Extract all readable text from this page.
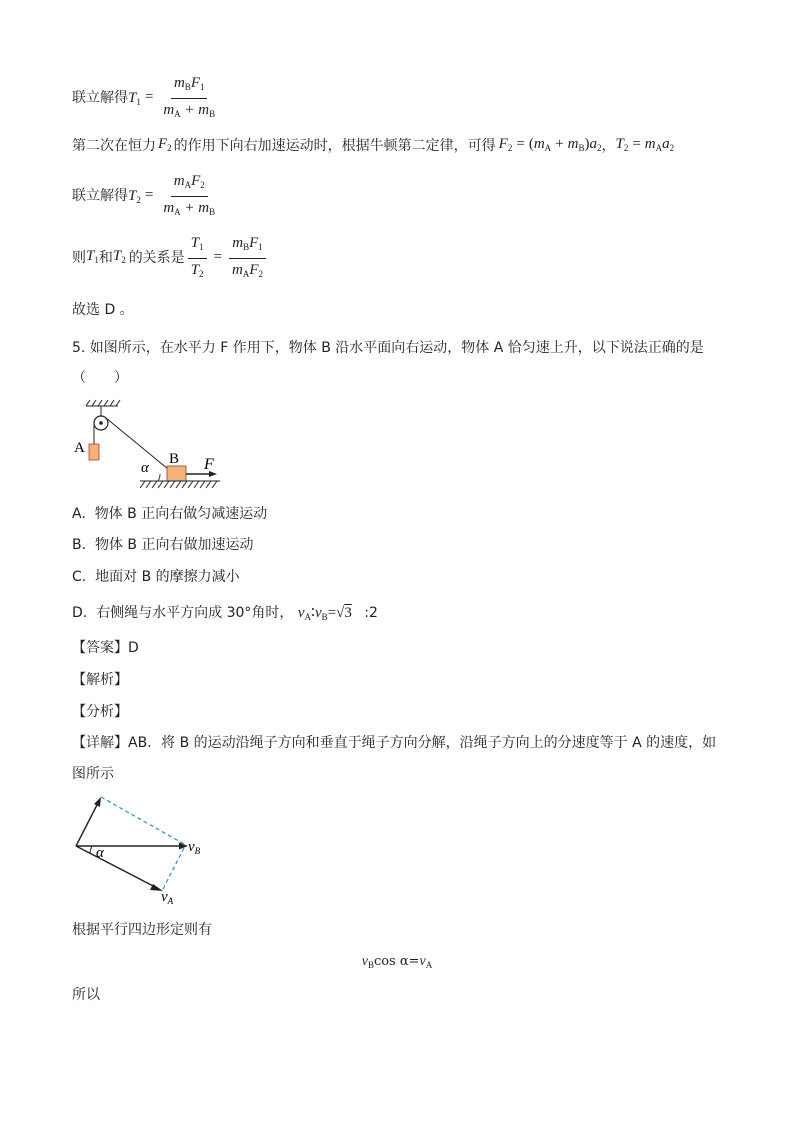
联立解得 $T_1 = \frac{m_BF_1}{m_A + m_B}$
第二次在恒力 $F_2$ 的作用下向右加速运动时，根据牛顿第二定律，可得 $F_2 = (m_A + m_B)a_2$ ， $T_2 = m_Aa_2$
联立解得 $T_2 = \frac{m_AF_2}{m_A + m_B}$
则 $T_1$ 和 $T_2$ 的关系是 $\frac{T_1}{T_2} = \frac{m_BF_1}{m_AF_2}$
故选 D 。
5. 如图所示，在水平力 F 作用下，物体 B 沿水平面向右运动，物体 A 恰匀速上升，以下说法正确的是
（　　）
A
B F
α
A. 物体 B 正向右做匀减速运动
B. 物体 B 正向右做加速运动
C. 地面对 B 的摩擦力减小
D. 右侧绳与水平方向成 30°角时， $v_A∶v_B=√3$ :2
【答案】D
【解析】
【分析】
【详解】AB．将 B 的运动沿绳子方向和垂直于绳子方向分解，沿绳子方向上的分速度等于 A 的速度，如
图所示
α	$v_B$
$v_A$
根据平行四边形定则有
$v_B\cos$ $\alpha=v_A$
所以
